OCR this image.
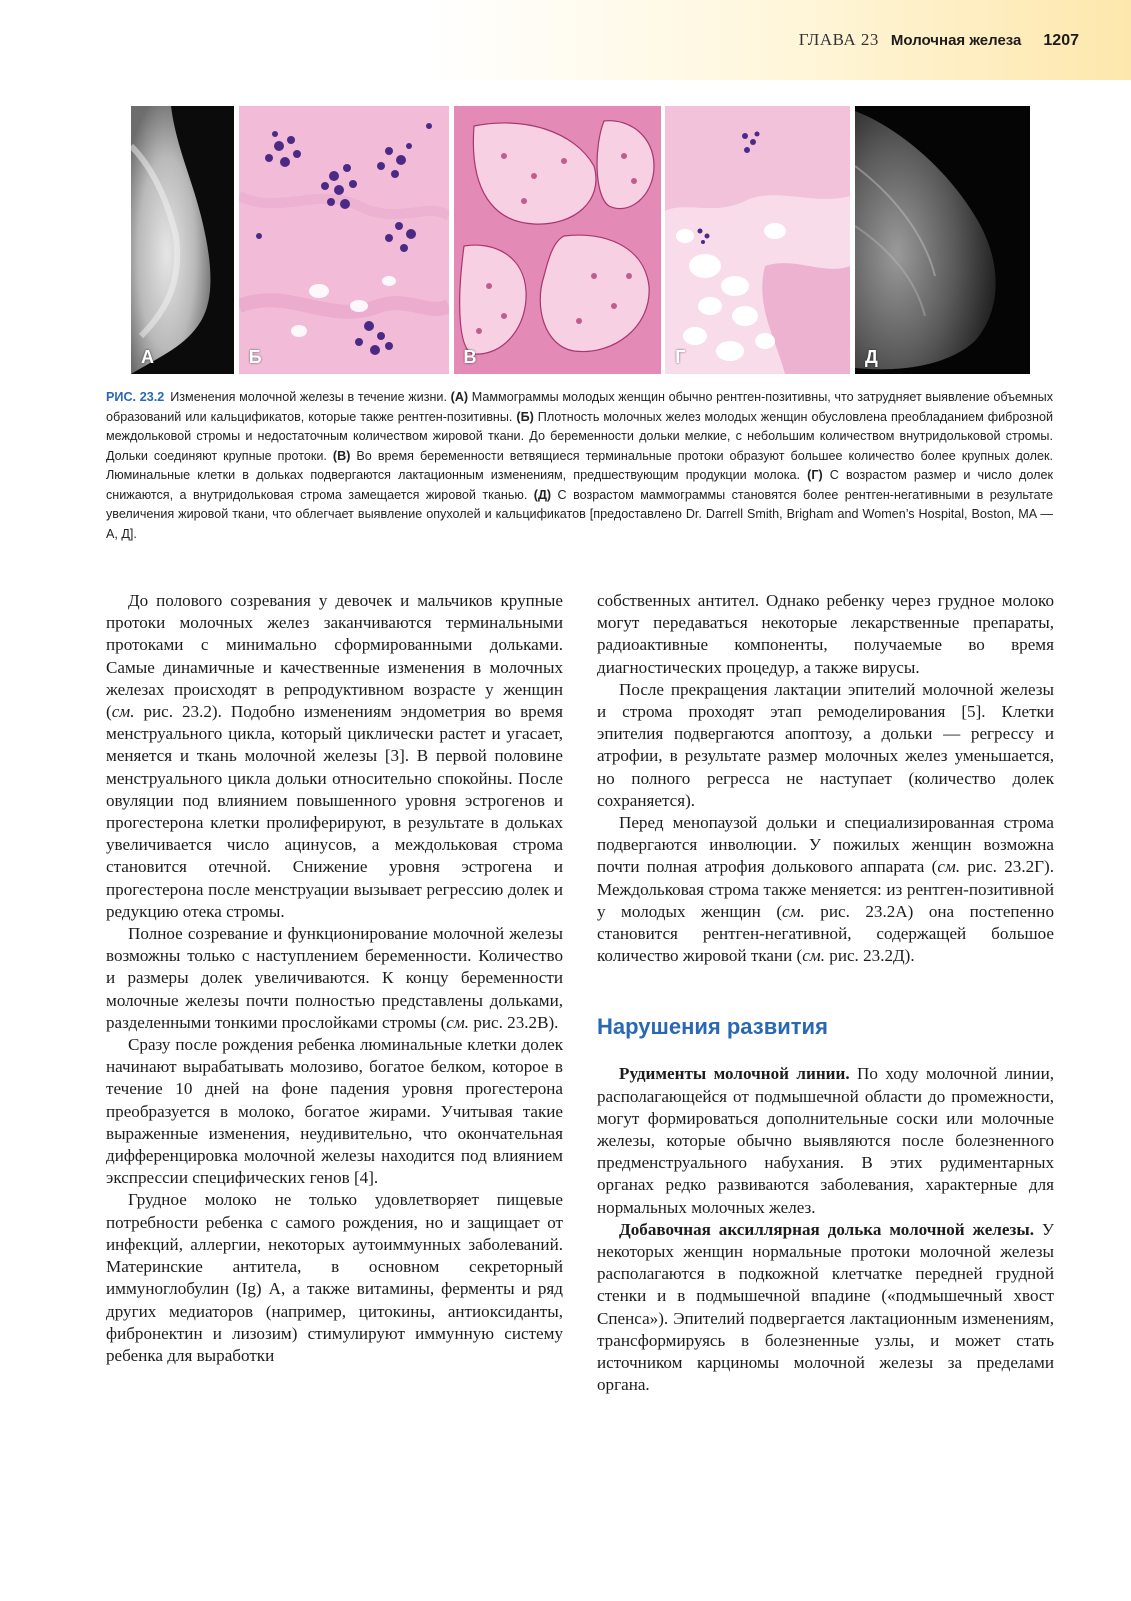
ГЛАВА 23 Молочная железа 1207
А	Б	В	Г	Д
РИС. 23.2 Изменения молочной железы в течение жизни. (А) Маммограммы молодых женщин обычно рентген-позитивны, что затрудняет выявление объемных образований или кальцификатов, которые также рентген-позитивны. (Б) Плотность молочных желез молодых женщин обусловлена преобладанием фиброзной междольковой стромы и недостаточным количеством жировой ткани. До беременности дольки мелкие, с небольшим количеством внутридольковой стромы. Дольки соединяют крупные протоки. (В) Во время беременности ветвящиеся терминальные протоки образуют большее количество более крупных долек. Люминальные клетки в дольках подвергаются лактационным изменениям, предшествующим продукции молока. (Г) С возрастом размер и число долек снижаются, а внутридольковая строма замещается жировой тканью. (Д) С возрастом маммограммы становятся более рентген-негативными в результате увеличения жировой ткани, что облегчает выявление опухолей и кальцификатов [предоставлено Dr. Darrell Smith, Brigham and Women’s Hospital, Boston, MA — А, Д].

До полового созревания у девочек и мальчиков крупные протоки молочных желез заканчиваются терминальными протоками с минимально сформированными дольками. Самые динамичные и качественные изменения в молочных железах происходят в репродуктивном возрасте у женщин (см. рис. 23.2). Подобно изменениям эндометрия во время менструального цикла, который циклически растет и угасает, меняется и ткань молочной железы [3]. В первой половине менструального цикла дольки относительно спокойны. После овуляции под влиянием повышенного уровня эстрогенов и прогестерона клетки пролиферируют, в результате в дольках увеличивается число ацинусов, а междольковая строма становится отечной. Снижение уровня эстрогена и прогестерона после менструации вызывает регрессию долек и редукцию отека стромы.

Полное созревание и функционирование молочной железы возможны только с наступлением беременности. Количество и размеры долек увеличиваются. К концу беременности молочные железы почти полностью представлены дольками, разделенными тонкими прослойками стромы (см. рис. 23.2В).

Сразу после рождения ребенка люминальные клетки долек начинают вырабатывать молозиво, богатое белком, которое в течение 10 дней на фоне падения уровня прогестерона преобразуется в молоко, богатое жирами. Учитывая такие выраженные изменения, неудивительно, что окончательная дифференцировка молочной железы находится под влиянием экспрессии специфических генов [4].

Грудное молоко не только удовлетворяет пищевые потребности ребенка с самого рождения, но и защищает от инфекций, аллергии, некоторых аутоиммунных заболеваний. Материнские антитела, в основном секреторный иммуноглобулин (Ig) А, а также витамины, ферменты и ряд других медиаторов (например, цитокины, антиоксиданты, фибронектин и лизозим) стимулируют иммунную систему ребенка для выработки

собственных антител. Однако ребенку через грудное молоко могут передаваться некоторые лекарственные препараты, радиоактивные компоненты, получаемые во время диагностических процедур, а также вирусы.

После прекращения лактации эпителий молочной железы и строма проходят этап ремоделирования [5]. Клетки эпителия подвергаются апоптозу, а дольки — регрессу и атрофии, в результате размер молочных желез уменьшается, но полного регресса не наступает (количество долек сохраняется).

Перед менопаузой дольки и специализированная строма подвергаются инволюции. У пожилых женщин возможна почти полная атрофия долькового аппарата (см. рис. 23.2Г). Междольковая строма также меняется: из рентген-позитивной у молодых женщин (см. рис. 23.2А) она постепенно становится рентген-негативной, содержащей большое количество жировой ткани (см. рис. 23.2Д).

Нарушения развития

Рудименты молочной линии. По ходу молочной линии, располагающейся от подмышечной области до промежности, могут формироваться дополнительные соски или молочные железы, которые обычно выявляются после болезненного предменструального набухания. В этих рудиментарных органах редко развиваются заболевания, характерные для нормальных молочных желез.

Добавочная аксиллярная долька молочной железы. У некоторых женщин нормальные протоки молочной железы располагаются в подкожной клетчатке передней грудной стенки и в подмышечной впадине («подмышечный хвост Спенса»). Эпителий подвергается лактационным изменениям, трансформируясь в болезненные узлы, и может стать источником карциномы молочной железы за пределами органа.
